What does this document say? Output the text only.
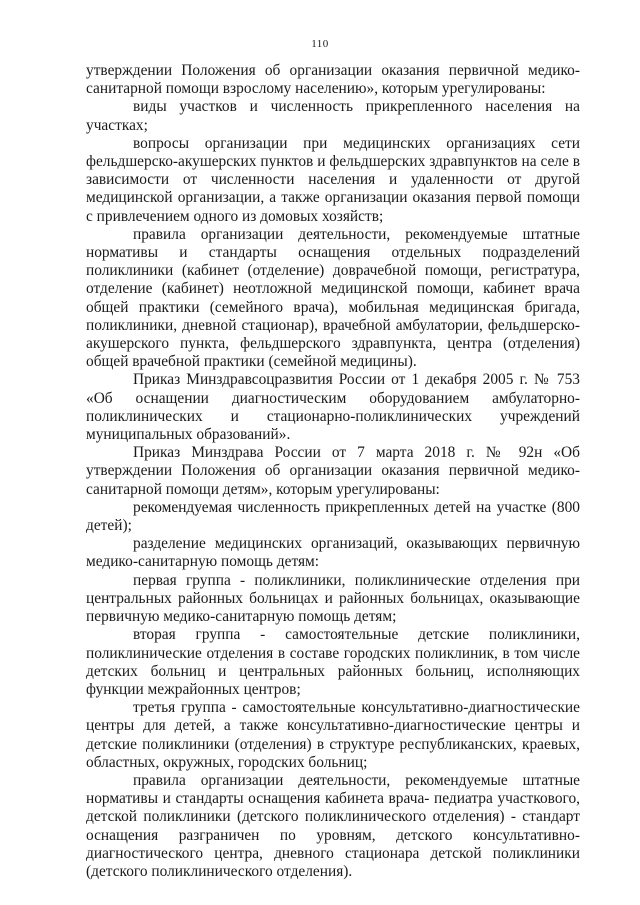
110

утверждении Положения об организации оказания первичной медико-санитарной помощи взрослому населению», которым урегулированы:

виды участков и численность прикрепленного населения на участках;

вопросы организации при медицинских организациях сети фельдшерско-акушерских пунктов и фельдшерских здравпунктов на селе в зависимости от численности населения и удаленности от другой медицинской организации, а также организации оказания первой помощи с привлечением одного из домовых хозяйств;

правила организации деятельности, рекомендуемые штатные нормативы и стандарты оснащения отдельных подразделений поликлиники (кабинет (отделение) доврачебной помощи, регистратура, отделение (кабинет) неотложной медицинской помощи, кабинет врача общей практики (семейного врача), мобильная медицинская бригада, поликлиники, дневной стационар), врачебной амбулатории, фельдшерско-акушерского пункта, фельдшерского здравпункта, центра (отделения) общей врачебной практики (семейной медицины).

Приказ Минздравсоцразвития России от 1 декабря 2005 г. № 753 «Об оснащении диагностическим оборудованием амбулаторно-поликлинических и стационарно-поликлинических учреждений муниципальных образований».

Приказ Минздрава России от 7 марта 2018 г. № 92н «Об утверждении Положения об организации оказания первичной медико-санитарной помощи детям», которым урегулированы:

рекомендуемая численность прикрепленных детей на участке (800 детей);

разделение медицинских организаций, оказывающих первичную медико-санитарную помощь детям:

первая группа - поликлиники, поликлинические отделения при центральных районных больницах и районных больницах, оказывающие первичную медико-санитарную помощь детям;

вторая группа - самостоятельные детские поликлиники, поликлинические отделения в составе городских поликлиник, в том числе детских больниц и центральных районных больниц, исполняющих функции межрайонных центров;

третья группа - самостоятельные консультативно-диагностические центры для детей, а также консультативно-диагностические центры и детские поликлиники (отделения) в структуре республиканских, краевых, областных, окружных, городских больниц;

правила организации деятельности, рекомендуемые штатные нормативы и стандарты оснащения кабинета врача- педиатра участкового, детской поликлиники (детского поликлинического отделения) - стандарт оснащения разграничен по уровням, детского консультативно-диагностического центра, дневного стационара детской поликлиники (детского поликлинического отделения).
